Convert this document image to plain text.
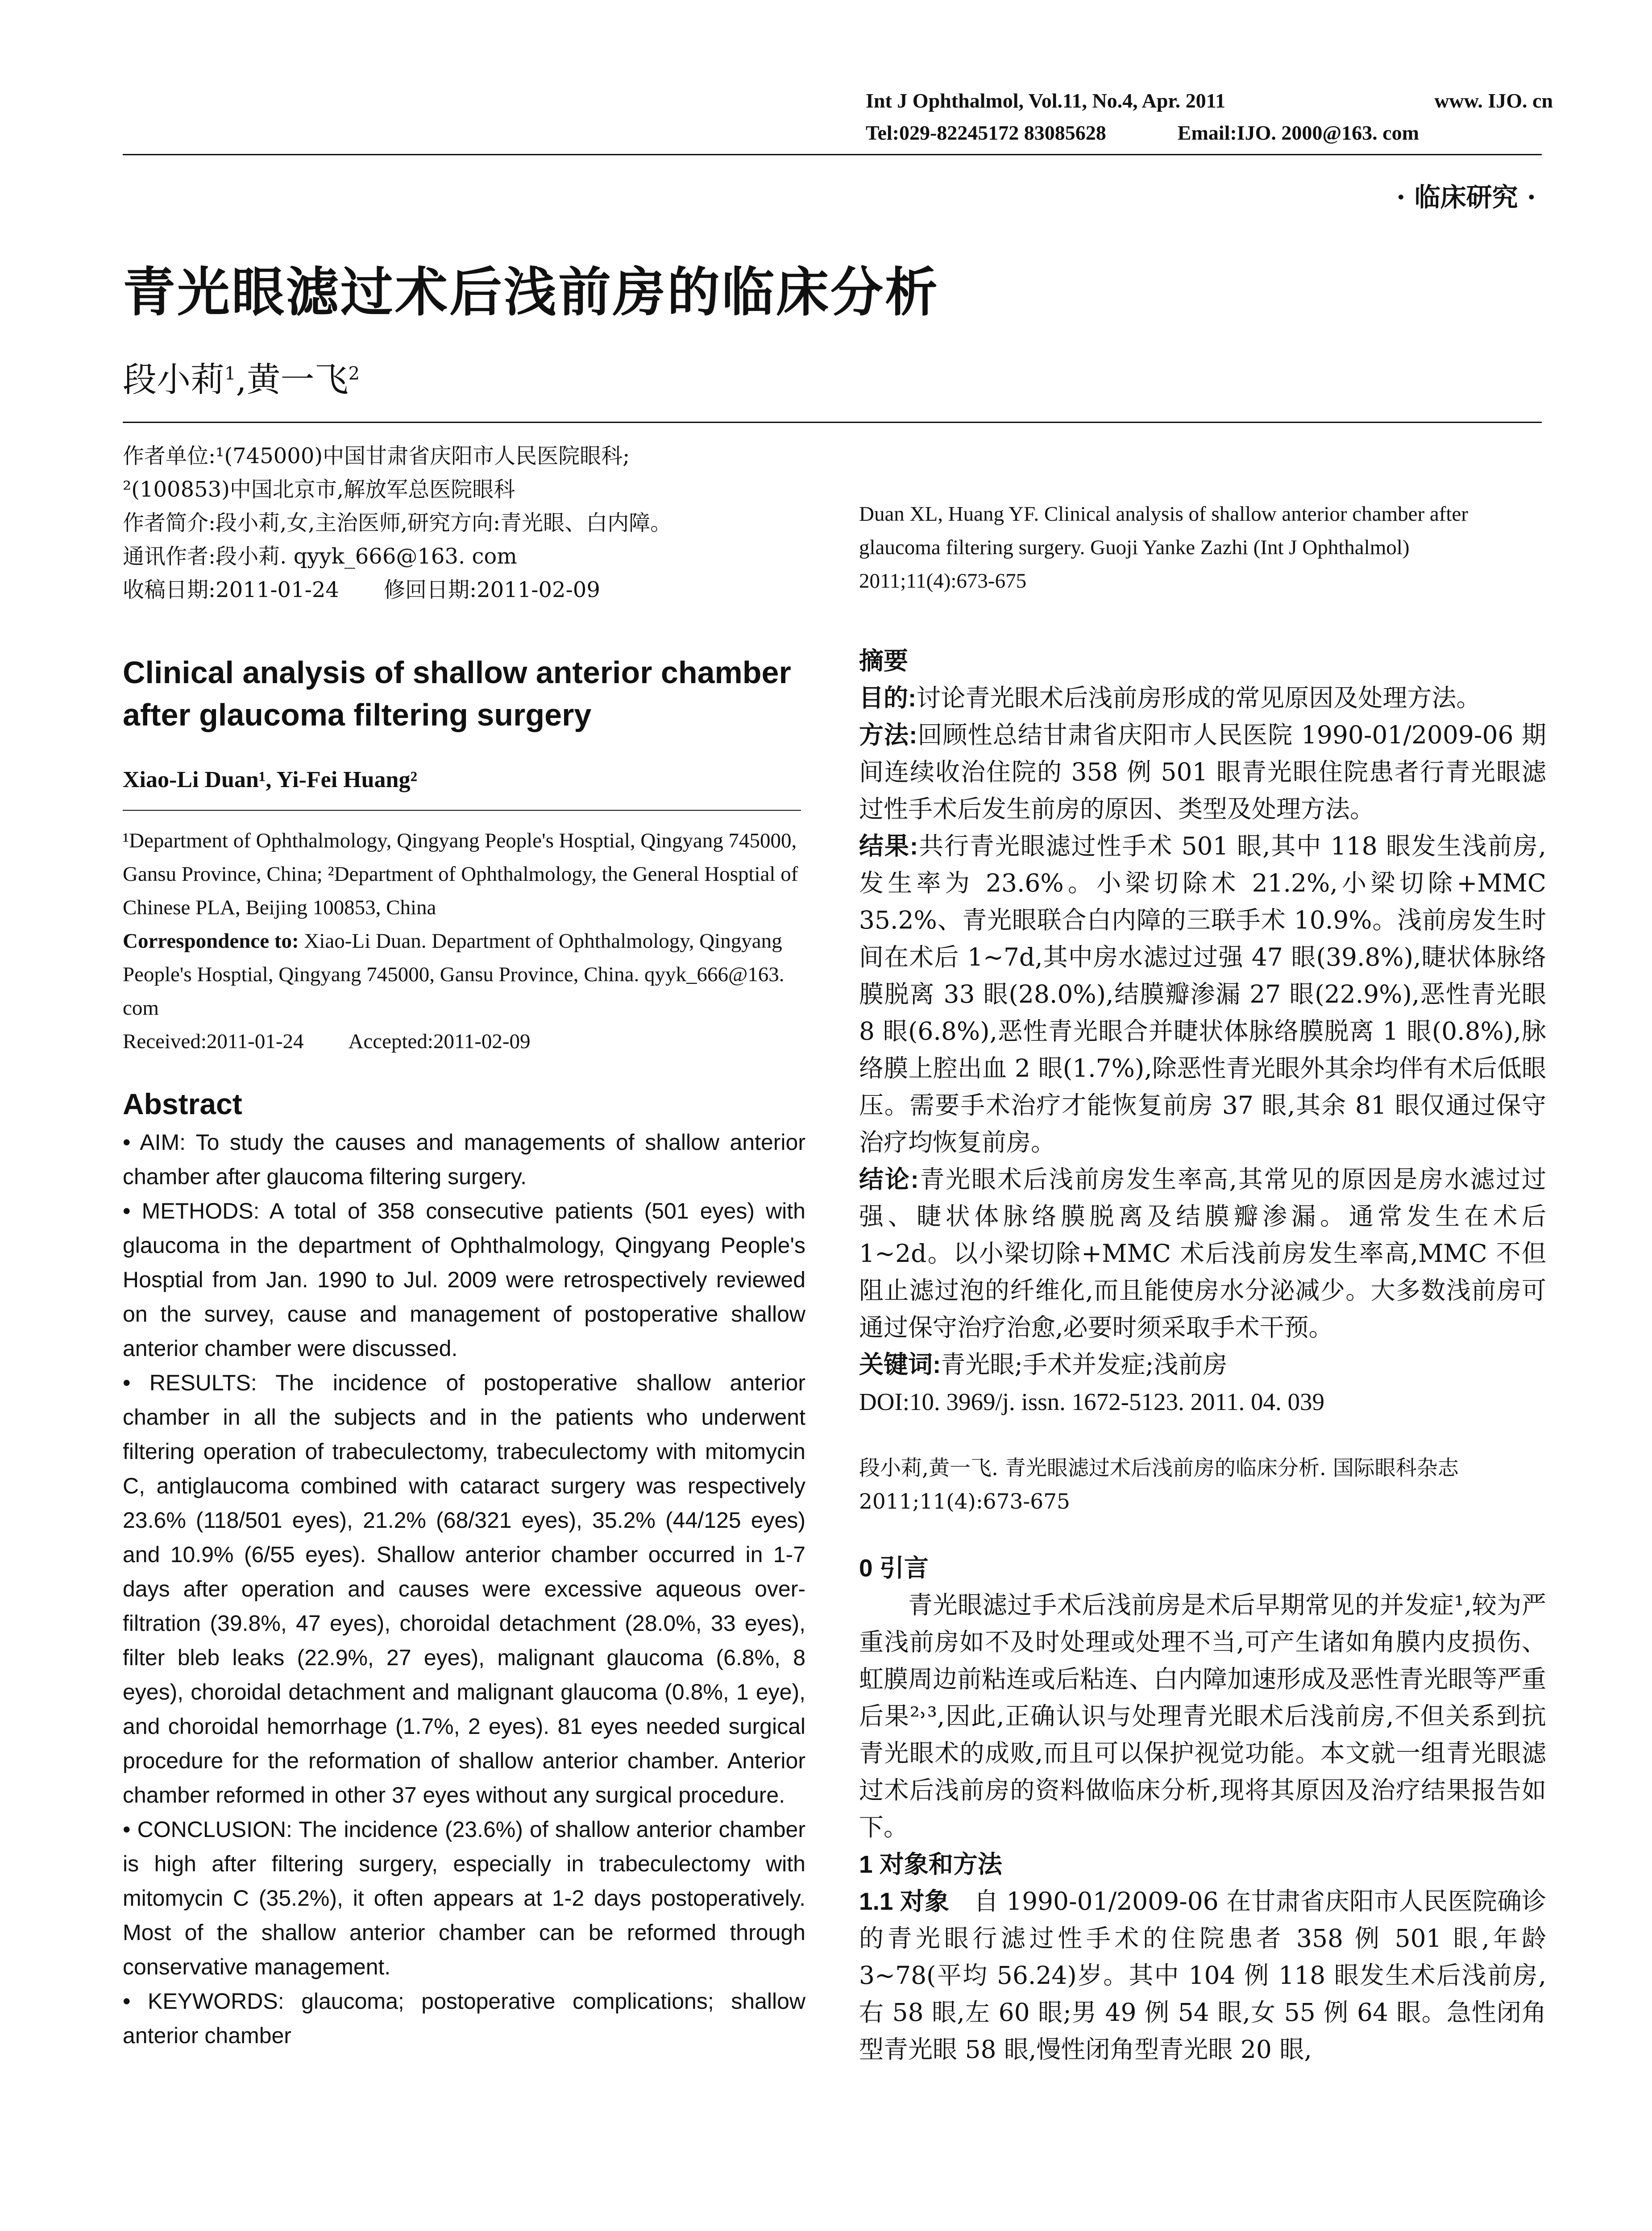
Int J Ophthalmol, Vol.11, No.4, Apr. 2011	www. IJO. cn
Tel:029-82245172 83085628	Email:IJO. 2000@163. com
· 临床研究 ·
青光眼滤过术后浅前房的临床分析
段小莉$^1$,黄一飞$^2$

作者单位:¹(745000)中国甘肃省庆阳市人民医院眼科;

²(100853)中国北京市,解放军总医院眼科

作者简介:段小莉,女,主治医师,研究方向:青光眼、白内障。

通讯作者:段小莉. qyyk_666@163. com

收稿日期:2011-01-24 修回日期:2011-02-09

Clinical analysis of shallow anterior chamber after glaucoma filtering surgery

Xiao-Li Duan¹, Yi-Fei Huang²

¹Department of Ophthalmology, Qingyang People's Hosptial, Qingyang 745000, Gansu Province, China; ²Department of Ophthalmology, the General Hosptial of Chinese PLA, Beijing 100853, China

Correspondence to: Xiao-Li Duan. Department of Ophthalmology, Qingyang People's Hosptial, Qingyang 745000, Gansu Province, China. qyyk_666@163. com

Received:2011-01-24 Accepted:2011-02-09

Abstract

• AIM: To study the causes and managements of shallow anterior chamber after glaucoma filtering surgery.

• METHODS: A total of 358 consecutive patients (501 eyes) with glaucoma in the department of Ophthalmology, Qingyang People's Hosptial from Jan. 1990 to Jul. 2009 were retrospectively reviewed on the survey, cause and management of postoperative shallow anterior chamber were discussed.

• RESULTS: The incidence of postoperative shallow anterior chamber in all the subjects and in the patients who underwent filtering operation of trabeculectomy, trabeculectomy with mitomycin C, antiglaucoma combined with cataract surgery was respectively 23.6% (118/501 eyes), 21.2% (68/321 eyes), 35.2% (44/125 eyes) and 10.9% (6/55 eyes). Shallow anterior chamber occurred in 1-7 days after operation and causes were excessive aqueous over-filtration (39.8%, 47 eyes), choroidal detachment (28.0%, 33 eyes), filter bleb leaks (22.9%, 27 eyes), malignant glaucoma (6.8%, 8 eyes), choroidal detachment and malignant glaucoma (0.8%, 1 eye), and choroidal hemorrhage (1.7%, 2 eyes). 81 eyes needed surgical procedure for the reformation of shallow anterior chamber. Anterior chamber reformed in other 37 eyes without any surgical procedure.

• CONCLUSION: The incidence (23.6%) of shallow anterior chamber is high after filtering surgery, especially in trabeculectomy with mitomycin C (35.2%), it often appears at 1-2 days postoperatively. Most of the shallow anterior chamber can be reformed through conservative management.

• KEYWORDS: glaucoma; postoperative complications; shallow anterior chamber

Duan XL, Huang YF. Clinical analysis of shallow anterior chamber after glaucoma filtering surgery. Guoji Yanke Zazhi (Int J Ophthalmol) 2011;11(4):673-675

摘要

目的:讨论青光眼术后浅前房形成的常见原因及处理方法。

方法:回顾性总结甘肃省庆阳市人民医院 1990-01/2009-06 期间连续收治住院的 358 例 501 眼青光眼住院患者行青光眼滤过性手术后发生前房的原因、类型及处理方法。

结果:共行青光眼滤过性手术 501 眼,其中 118 眼发生浅前房,发生率为 23.6%。小梁切除术 21.2%,小梁切除+MMC 35.2%、青光眼联合白内障的三联手术 10.9%。浅前房发生时间在术后 1~7d,其中房水滤过过强 47 眼(39.8%),睫状体脉络膜脱离 33 眼(28.0%),结膜瓣渗漏 27 眼(22.9%),恶性青光眼 8 眼(6.8%),恶性青光眼合并睫状体脉络膜脱离 1 眼(0.8%),脉络膜上腔出血 2 眼(1.7%),除恶性青光眼外其余均伴有术后低眼压。需要手术治疗才能恢复前房 37 眼,其余 81 眼仅通过保守治疗均恢复前房。

结论:青光眼术后浅前房发生率高,其常见的原因是房水滤过过强、睫状体脉络膜脱离及结膜瓣渗漏。通常发生在术后 1~2d。以小梁切除+MMC 术后浅前房发生率高,MMC 不但阻止滤过泡的纤维化,而且能使房水分泌减少。大多数浅前房可通过保守治疗治愈,必要时须采取手术干预。

关键词:青光眼;手术并发症;浅前房

DOI:10. 3969/j. issn. 1672-5123. 2011. 04. 039

段小莉,黄一飞. 青光眼滤过术后浅前房的临床分析. 国际眼科杂志 2011;11(4):673-675

0 引言

青光眼滤过手术后浅前房是术后早期常见的并发症¹,较为严重浅前房如不及时处理或处理不当,可产生诸如角膜内皮损伤、虹膜周边前粘连或后粘连、白内障加速形成及恶性青光眼等严重后果²˒³,因此,正确认识与处理青光眼术后浅前房,不但关系到抗青光眼术的成败,而且可以保护视觉功能。本文就一组青光眼滤过术后浅前房的资料做临床分析,现将其原因及治疗结果报告如下。

1 对象和方法

1.1 对象　 自 1990-01/2009-06 在甘肃省庆阳市人民医院确诊的青光眼行滤过性手术的住院患者 358 例 501 眼,年龄 3~78(平均 56.24)岁。其中 104 例 118 眼发生术后浅前房,右 58 眼,左 60 眼;男 49 例 54 眼,女 55 例 64 眼。急性闭角型青光眼 58 眼,慢性闭角型青光眼 20 眼,
